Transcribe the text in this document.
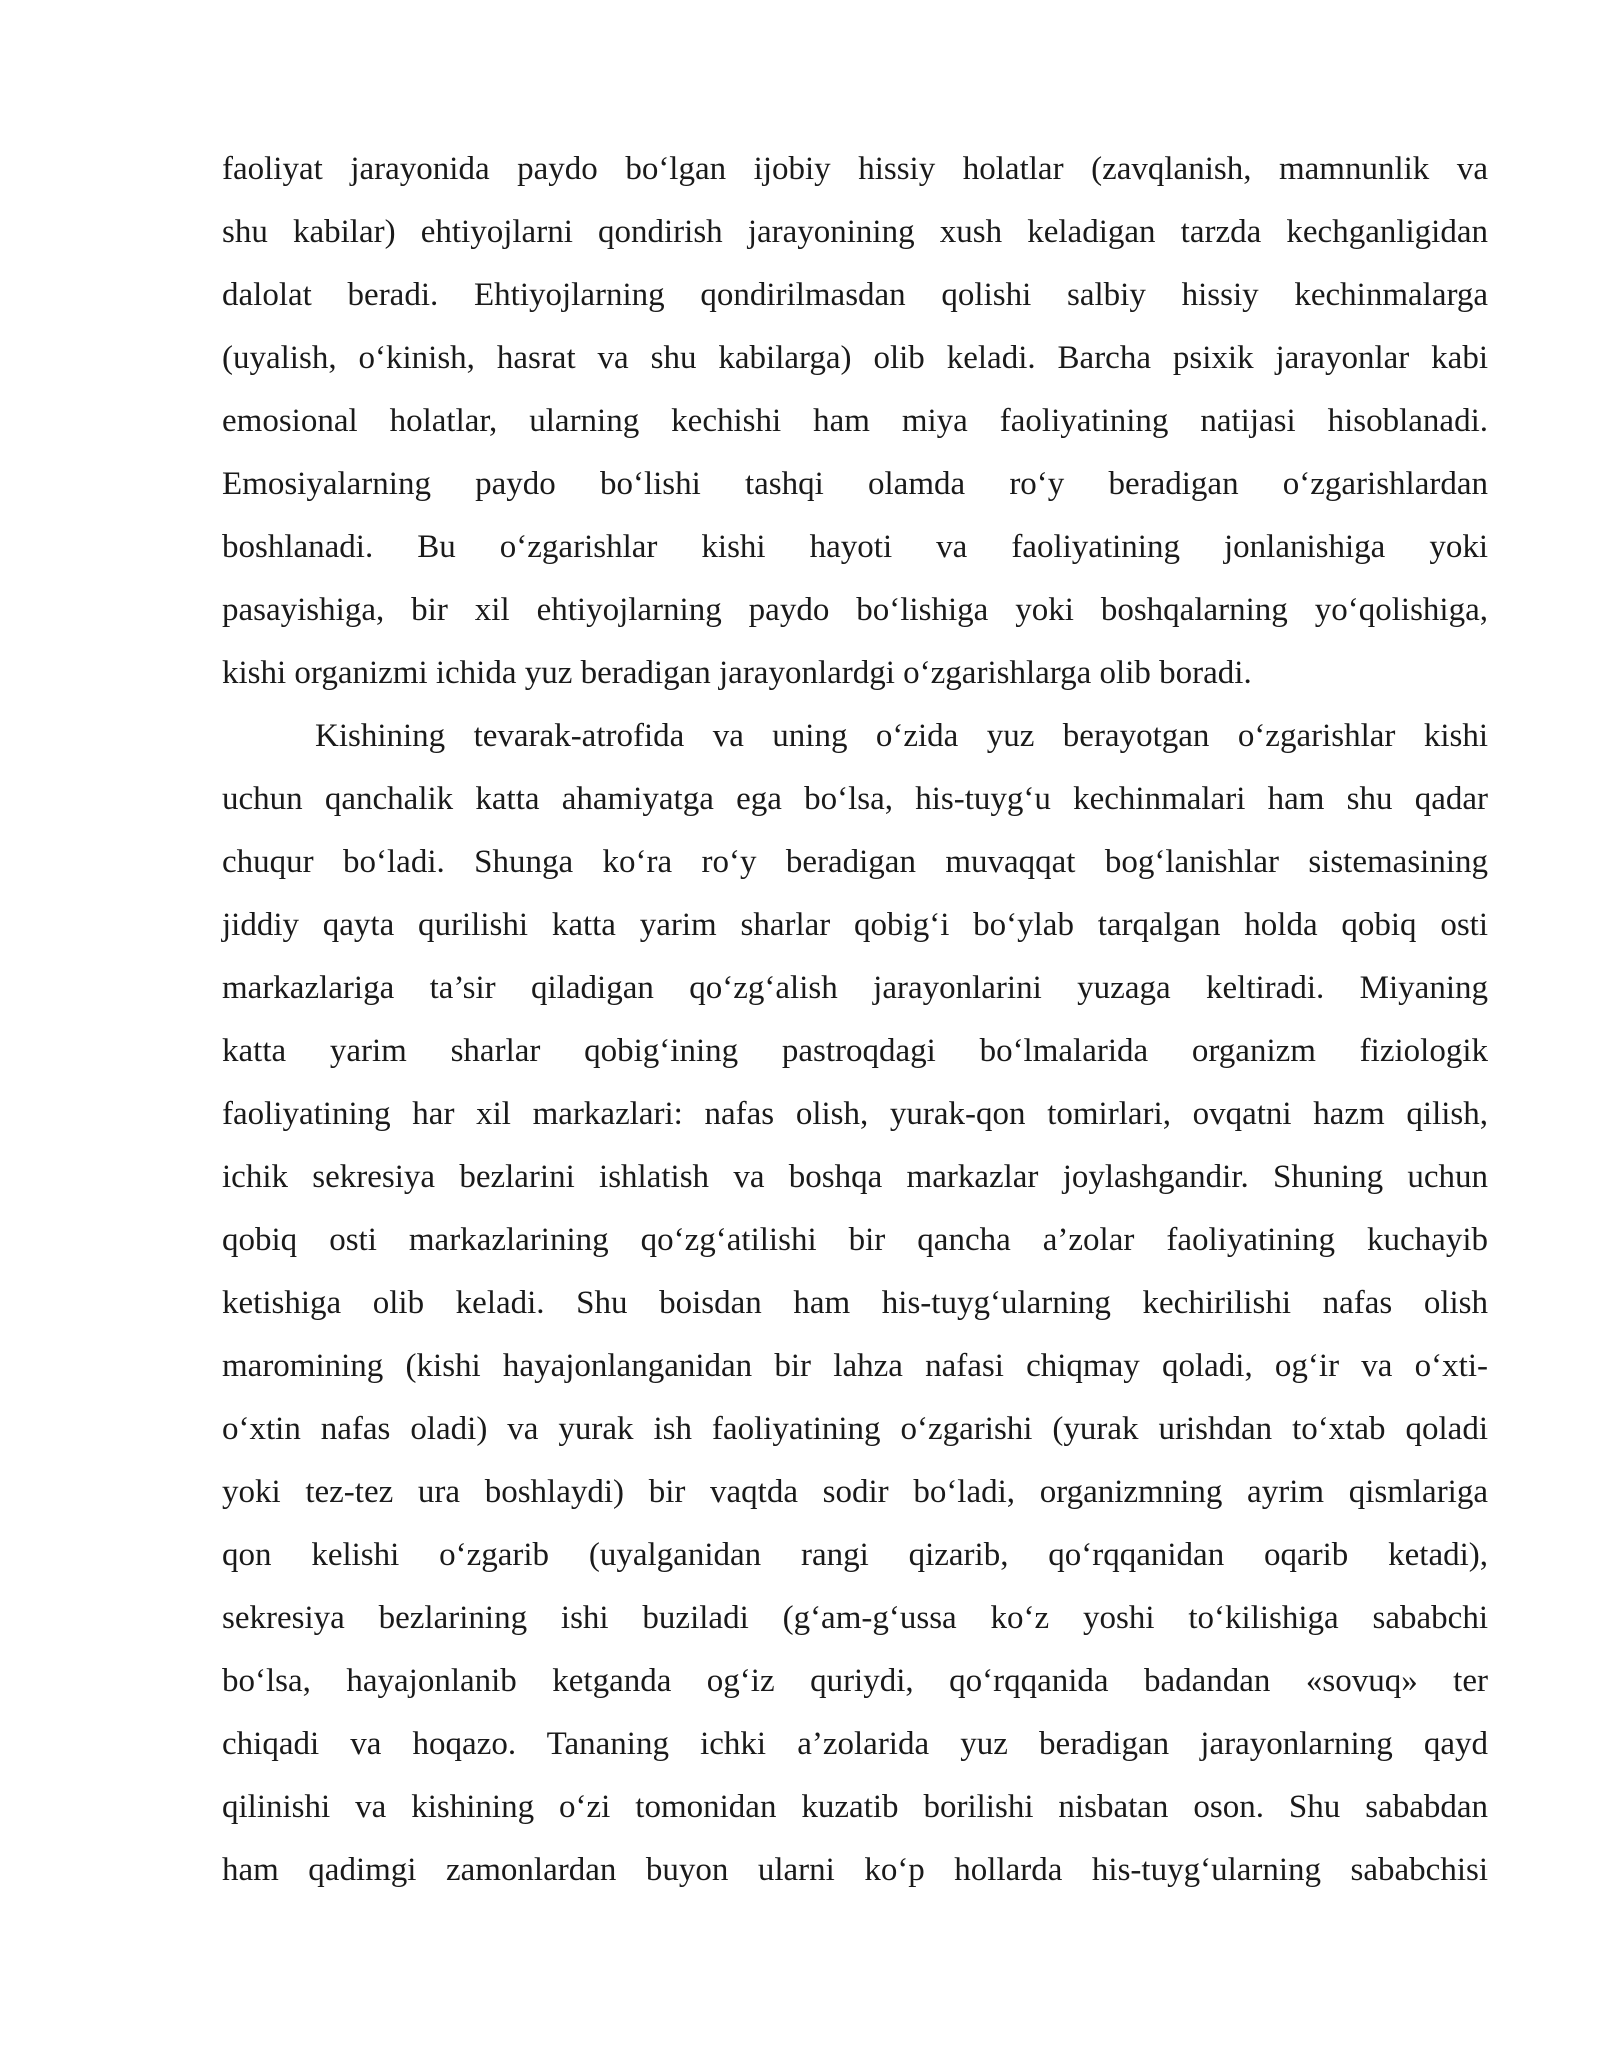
faoliyat jarayonida paydo bo‘lgan ijobiy hissiy holatlar (zavqlanish, mamnunlik va
shu kabilar) ehtiyojlarni qondirish jarayonining xush keladigan tarzda kechganligidan
dalolat beradi. Ehtiyojlarning qondirilmasdan qolishi salbiy hissiy kechinmalarga
(uyalish, o‘kinish, hasrat va shu kabilarga) olib keladi. Barcha psixik jarayonlar kabi
emosional holatlar, ularning kechishi ham miya faoliyatining natijasi hisoblanadi.
Emosiyalarning paydo bo‘lishi tashqi olamda ro‘y beradigan o‘zgarishlardan
boshlanadi. Bu o‘zgarishlar kishi hayoti va faoliyatining jonlanishiga yoki
pasayishiga, bir xil ehtiyojlarning paydo bo‘lishiga yoki boshqalarning yo‘qolishiga,
kishi organizmi ichida yuz beradigan jarayonlardgi o‘zgarishlarga olib boradi.
Kishining tevarak-atrofida va uning o‘zida yuz berayotgan o‘zgarishlar kishi
uchun qanchalik katta ahamiyatga ega bo‘lsa, his-tuyg‘u kechinmalari ham shu qadar
chuqur bo‘ladi. Shunga ko‘ra ro‘y beradigan muvaqqat bog‘lanishlar sistemasining
jiddiy qayta qurilishi katta yarim sharlar qobig‘i bo‘ylab tarqalgan holda qobiq osti
markazlariga ta’sir qiladigan qo‘zg‘alish jarayonlarini yuzaga keltiradi. Miyaning
katta yarim sharlar qobig‘ining pastroqdagi bo‘lmalarida organizm fiziologik
faoliyatining har xil markazlari: nafas olish, yurak-qon tomirlari, ovqatni hazm qilish,
ichik sekresiya bezlarini ishlatish va boshqa markazlar joylashgandir. Shuning uchun
qobiq osti markazlarining qo‘zg‘atilishi bir qancha a’zolar faoliyatining kuchayib
ketishiga olib keladi. Shu boisdan ham his-tuyg‘ularning kechirilishi nafas olish
maromining (kishi hayajonlanganidan bir lahza nafasi chiqmay qoladi, og‘ir va o‘xti-
o‘xtin nafas oladi) va yurak ish faoliyatining o‘zgarishi (yurak urishdan to‘xtab qoladi
yoki tez-tez ura boshlaydi) bir vaqtda sodir bo‘ladi, organizmning ayrim qismlariga
qon kelishi o‘zgarib (uyalganidan rangi qizarib, qo‘rqqanidan oqarib ketadi),
sekresiya bezlarining ishi buziladi (g‘am-g‘ussa ko‘z yoshi to‘kilishiga sababchi
bo‘lsa, hayajonlanib ketganda og‘iz quriydi, qo‘rqqanida badandan «sovuq» ter
chiqadi va hoqazo. Tananing ichki a’zolarida yuz beradigan jarayonlarning qayd
qilinishi va kishining o‘zi tomonidan kuzatib borilishi nisbatan oson. Shu sababdan
ham qadimgi zamonlardan buyon ularni ko‘p hollarda his-tuyg‘ularning sababchisi
